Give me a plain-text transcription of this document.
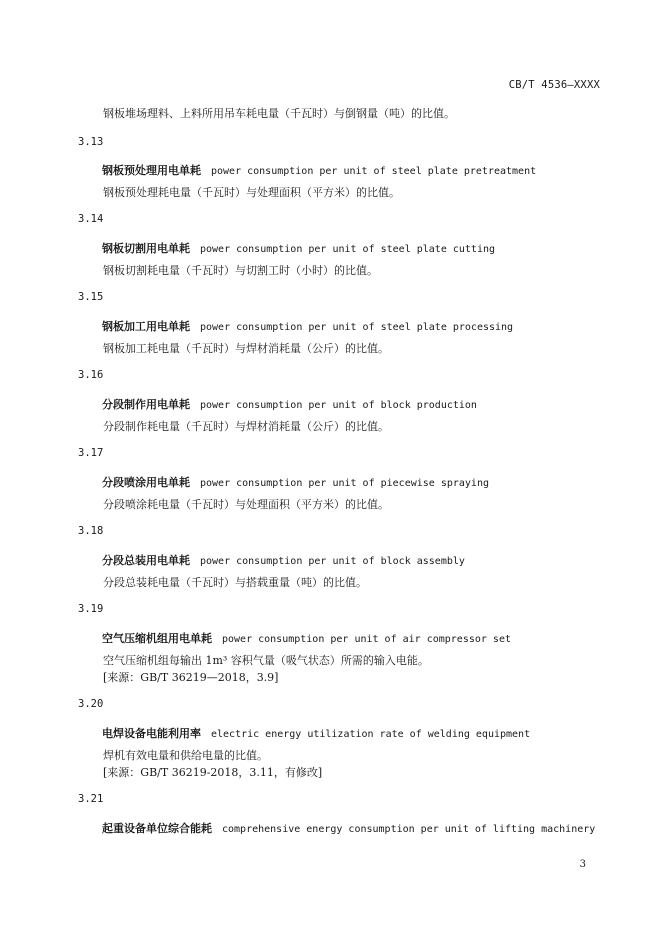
CB/T 4536—XXXX
钢板堆场理料、上料所用吊车耗电量（千瓦时）与倒钢量（吨）的比值。
3.13
钢板预处理用电单耗 power consumption per unit of steel plate pretreatment
钢板预处理耗电量（千瓦时）与处理面积（平方米）的比值。
3.14
钢板切割用电单耗 power consumption per unit of steel plate cutting
钢板切割耗电量（千瓦时）与切割工时（小时）的比值。
3.15
钢板加工用电单耗 power consumption per unit of steel plate processing
钢板加工耗电量（千瓦时）与焊材消耗量（公斤）的比值。
3.16
分段制作用电单耗 power consumption per unit of block production
分段制作耗电量（千瓦时）与焊材消耗量（公斤）的比值。
3.17
分段喷涂用电单耗 power consumption per unit of piecewise spraying
分段喷涂耗电量（千瓦时）与处理面积（平方米）的比值。
3.18
分段总装用电单耗 power consumption per unit of block assembly
分段总装耗电量（千瓦时）与搭载重量（吨）的比值。
3.19
空气压缩机组用电单耗 power consumption per unit of air compressor set
空气压缩机组每输出 1m³ 容积气量（吸气状态）所需的输入电能。
[来源：GB/T 36219—2018，3.9]
3.20
电焊设备电能利用率 electric energy utilization rate of welding equipment
焊机有效电量和供给电量的比值。
[来源：GB/T 36219-2018，3.11，有修改]
3.21
起重设备单位综合能耗 comprehensive energy consumption per unit of lifting machinery
3
